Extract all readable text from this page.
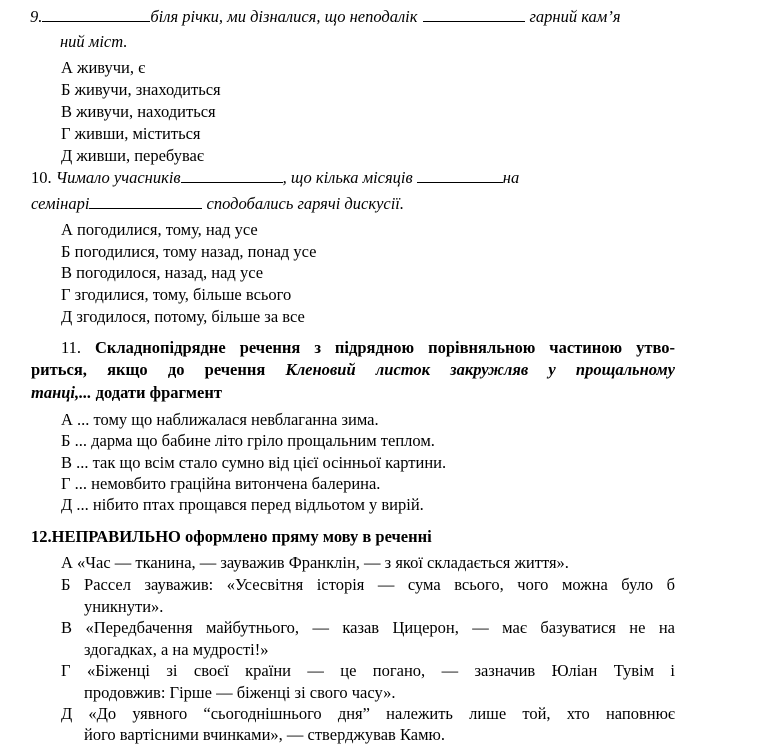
9.	біля річки, ми дізналися, що неподалік	гарний кам’я
ний міст.
А живучи, є
Б живучи, знаходиться
В живучи, находиться
Г живши, міститься
Д живши, перебуває
10. Чимало учасників	, що кілька місяців	на
семінарі	сподобались гарячі дискусії.
А погодилися, тому, над усе
Б погодилися, тому назад, понад усе
В погодилося, назад, над усе
Г згодилися, тому, більше всього
Д згодилося, потому, більше за все
11. Складнопідрядне речення з підрядною порівняльною частиною утво-
риться, якщо до речення Кленовий листок закружляв у прощальному
танці,... додати фрагмент
А ... тому що наближалася невблаганна зима.
Б ... дарма що бабине літо гріло прощальним теплом.
В ... так що всім стало сумно від цієї осінньої картини.
Г ... немовбито граційна витончена балерина.
Д ... нібито птах прощався перед відльотом у вирій.
12.НЕПРАВИЛЬНО оформлено пряму мову в реченні
А «Час — тканина, — зауважив Франклін, — з якої складається життя».
Б Рассел зауважив: «Усесвітня історія — сума всього, чого можна було б
уникнути».
В «Передбачення майбутнього, — казав Цицерон, — має базуватися не на
здогадках, а на мудрості!»
Г «Біженці зі своєї країни — це погано, — зазначив Юліан Тувім і
продовжив: Гірше — біженці зі свого часу».
Д «До уявного “сьогоднішнього дня” належить лише той, хто наповнює
його вартісними вчинками», — стверджував Камю.
